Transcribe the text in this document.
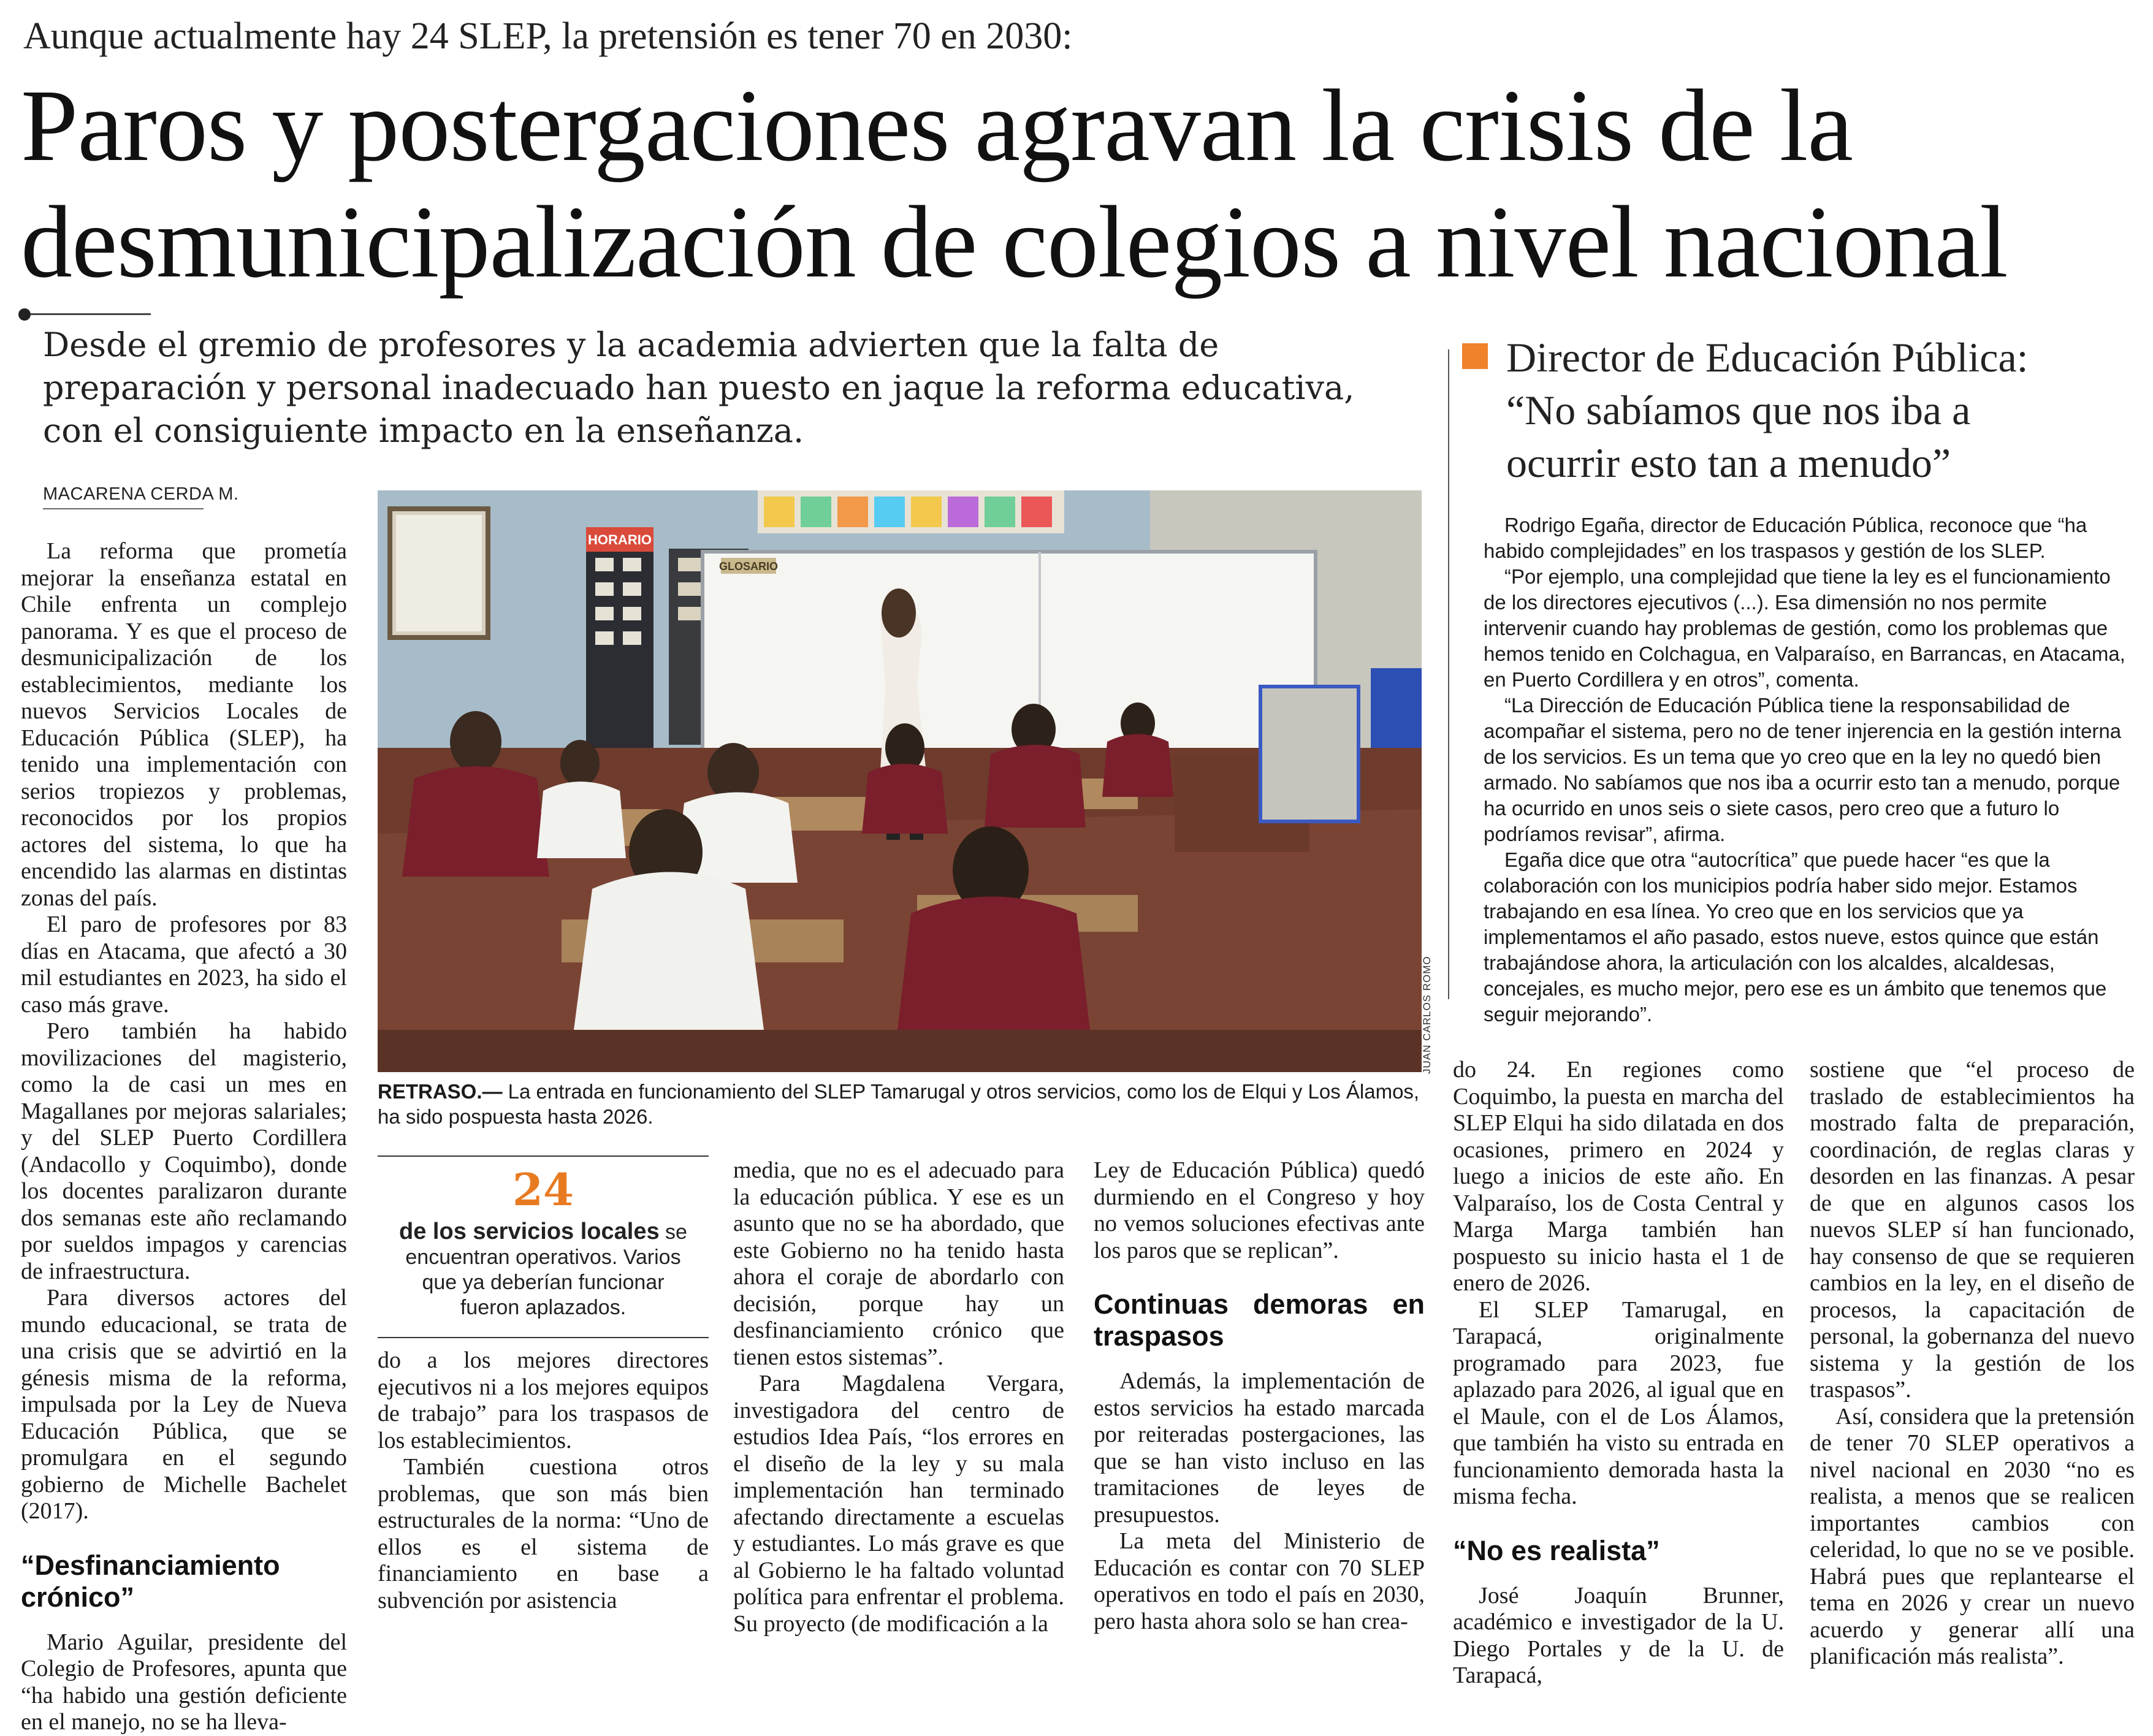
Aunque actualmente hay 24 SLEP, la pretensión es tener 70 en 2030:
Paros y postergaciones agravan la crisis de la
desmunicipalización de colegios a nivel nacional
Desde el gremio de profesores y la academia advierten que la falta de
preparación y personal inadecuado han puesto en jaque la reforma educativa,
con el consiguiente impacto en la enseñanza.
MACARENA CERDA M.

La reforma que prometía mejorar la enseñanza estatal en Chile enfrenta un complejo panorama. Y es que el proceso de desmunicipalización de los establecimientos, mediante los nuevos Servicios Locales de Educación Pública (SLEP), ha tenido una implementación con serios tropiezos y problemas, reconocidos por los propios actores del sistema, lo que ha encendido las alarmas en distintas zonas del país.

El paro de profesores por 83 días en Atacama, que afectó a 30 mil estudiantes en 2023, ha sido el caso más grave.

Pero también ha habido movilizaciones del magisterio, como la de casi un mes en Magallanes por mejoras salariales; y del SLEP Puerto Cordillera (Andacollo y Coquimbo), donde los docentes paralizaron durante dos semanas este año reclamando por sueldos impagos y carencias de infraestructura.

Para diversos actores del mundo educacional, se trata de una crisis que se advirtió en la génesis misma de la reforma, impulsada por la Ley de Nueva Educación Pública, que se promulgara en el segundo gobierno de Michelle Bachelet (2017).

“Desfinanciamiento crónico”

Mario Aguilar, presidente del Colegio de Profesores, apunta que “ha habido una gestión deficiente en el manejo, no se ha lleva-

HORARIO
GLOSARIO
JUAN CARLOS ROMO
RETRASO.— La entrada en funcionamiento del SLEP Tamarugal y otros servicios, como los de Elqui y Los Álamos, ha sido pospuesta hasta 2026.
24
de los servicios locales se encuentran operativos. Varios que ya deberían funcionar fueron aplazados.

do a los mejores directores ejecutivos ni a los mejores equipos de trabajo” para los traspasos de los establecimientos.

También cuestiona otros problemas, que son más bien estructurales de la norma: “Uno de ellos es el sistema de financiamiento en base a subvención por asistencia

media, que no es el adecuado para la educación pública. Y ese es un asunto que no se ha abordado, que este Gobierno no ha tenido hasta ahora el coraje de abordarlo con decisión, porque hay un desfinanciamiento crónico que tienen estos sistemas”.

Para Magdalena Vergara, investigadora del centro de estudios Idea País, “los errores en el diseño de la ley y su mala implementación han terminado afectando directamente a escuelas y estudiantes. Lo más grave es que al Gobierno le ha faltado voluntad política para enfrentar el problema. Su proyecto (de modificación a la

Ley de Educación Pública) quedó durmiendo en el Congreso y hoy no vemos soluciones efectivas ante los paros que se replican”.

Continuas demoras en traspasos

Además, la implementación de estos servicios ha estado marcada por reiteradas postergaciones, las que se han visto incluso en las tramitaciones de leyes de presupuestos.

La meta del Ministerio de Educación es contar con 70 SLEP operativos en todo el país en 2030, pero hasta ahora solo se han crea-

do 24. En regiones como Coquimbo, la puesta en marcha del SLEP Elqui ha sido dilatada en dos ocasiones, primero en 2024 y luego a inicios de este año. En Valparaíso, los de Costa Central y Marga Marga también han pospuesto su inicio hasta el 1 de enero de 2026.

El SLEP Tamarugal, en Tarapacá, originalmente programado para 2023, fue aplazado para 2026, al igual que en el Maule, con el de Los Álamos, que también ha visto su entrada en funcionamiento demorada hasta la misma fecha.

“No es realista”

José Joaquín Brunner, académico e investigador de la U. Diego Portales y de la U. de Tarapacá,

sostiene que “el proceso de traslado de establecimientos ha mostrado falta de preparación, coordinación, de reglas claras y desorden en las finanzas. A pesar de que en algunos casos los nuevos SLEP sí han funcionado, hay consenso de que se requieren cambios en la ley, en el diseño de procesos, la capacitación de personal, la gobernanza del nuevo sistema y la gestión de los traspasos”.

Así, considera que la pretensión de tener 70 SLEP operativos a nivel nacional en 2030 “no es realista, a menos que se realicen importantes cambios con celeridad, lo que no se ve posible. Habrá pues que replantearse el tema en 2026 y crear un nuevo acuerdo y generar allí una planificación más realista”.

Director de Educación Pública:
“No sabíamos que nos iba a
ocurrir esto tan a menudo”

Rodrigo Egaña, director de Educación Pública, reconoce que “ha habido complejidades” en los traspasos y gestión de los SLEP.

“Por ejemplo, una complejidad que tiene la ley es el funcionamiento de los directores ejecutivos (...). Esa dimensión no nos permite intervenir cuando hay problemas de gestión, como los problemas que hemos tenido en Colchagua, en Valparaíso, en Barrancas, en Atacama, en Puerto Cordillera y en otros”, comenta.

“La Dirección de Educación Pública tiene la responsabilidad de acompañar el sistema, pero no de tener injerencia en la gestión interna de los servicios. Es un tema que yo creo que en la ley no quedó bien armado. No sabíamos que nos iba a ocurrir esto tan a menudo, porque ha ocurrido en unos seis o siete casos, pero creo que a futuro lo podríamos revisar”, afirma.

Egaña dice que otra “autocrítica” que puede hacer “es que la colaboración con los municipios podría haber sido mejor. Estamos trabajando en esa línea. Yo creo que en los servicios que ya implementamos el año pasado, estos nueve, estos quince que están trabajándose ahora, la articulación con los alcaldes, alcaldesas, concejales, es mucho mejor, pero ese es un ámbito que tenemos que seguir mejorando”.
